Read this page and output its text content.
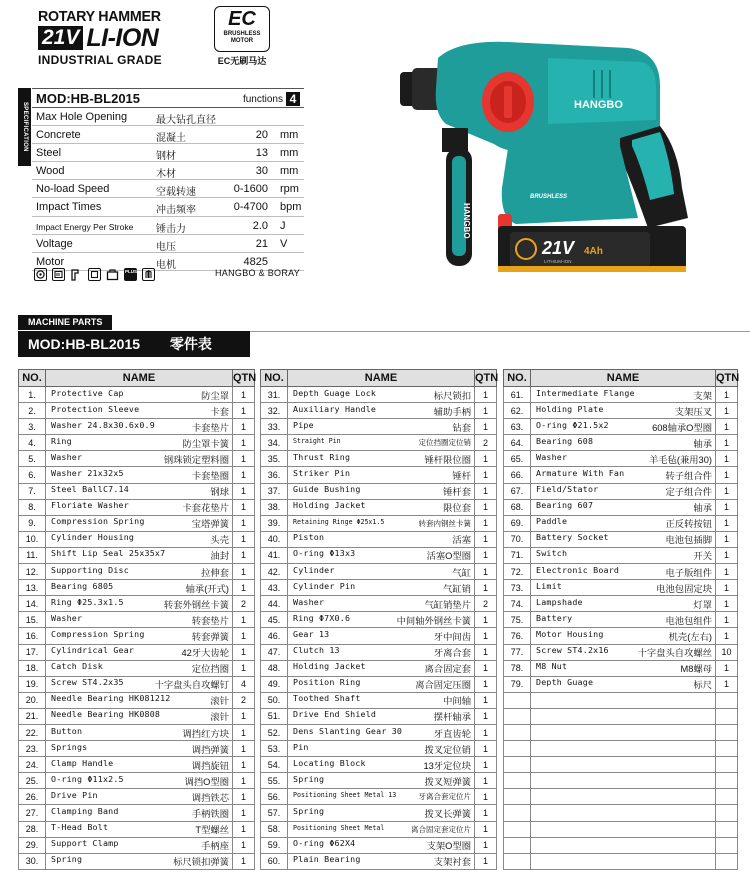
ROTARY HAMMER
21V LI-ION
INDUSTRIAL GRADE
EC
BRUSHLESS
MOTOR
EC无刷马达
SPECIFICATION
MOD:HB-BL2015	functions 4
Max Hole Opening	最大钻孔直径
Concrete	混凝土	20 mm
Steel	钢材	13 mm
Wood	木材	30 mm
No-load Speed	空载转速	0-1600 rpm
Impact Times	冲击频率	0-4700 bpm
Impact Energy Per Stroke 锤击力	2.0 J
Voltage	电压	21 V
Motor	电机	4825
PLUS	HANGBO & BORAY
HANGBO
HANGBO
BRUSHLESS
21V 4Ah
LITHIUM-ION
MACHINE PARTS
MOD:HB-BL2015 零件表
NO.	NAME	QTN
1.	Protective Cap 防尘罩	1
2.	Protection Sleeve 卡套	1
3.	Washer 24.8x30.6x0.9 卡套垫片	1
4.	Ring 防尘罩卡簧	1
5.	Washer 钢珠锁定塑料圈	1
6.	Washer 21x32x5 卡套垫圈	1
7.	Steel BallC7.14 钢球	1
8.	Floriate Washer 卡套花垫片	1
9.	Compression Spring 宝塔弹簧	1
10.	Cylinder Housing 头壳	1
11.	Shift Lip Seal 25x35x7 油封	1
12.	Supporting Disc 拉伸套	1
13.	Bearing 6805 轴承(开式)	1
14.	Ring Φ25.3x1.5 转套外钢丝卡簧	2
15.	Washer 转套垫片	1
16.	Compression Spring 转套弹簧	1
17.	Cylindrical Gear 42牙大齿轮	1
18.	Catch Disk 定位挡圈	1
19.	Screw ST4.2x35 十字盘头自攻螺钉	4
20.	Needle Bearing HK081212 滚针	2
21.	Needle Bearing HK0808 滚针	1
22.	Button 调挡红方块	1
23.	Springs 调挡弹簧	1
24.	Clamp Handle 调挡旋钮	1
25.	O-ring Φ11x2.5 调挡O型圈	1
26.	Drive Pin 调挡铁芯	1
27.	Clamping Band 手柄铁圈	1
28.	T-Head Bolt T型螺丝	1
29.	Support Clamp 手柄座	1
30.	Spring 标尺锁扣弹簧	1
NO.	NAME	QTN
31.	Depth Guage Lock 标尺锁扣	1
32.	Auxiliary Handle 辅助手柄	1
33.	Pipe 钻套	1
34.	Straight Pin 定位挡圈定位销	2
35.	Thrust Ring 锤杆限位圈	1
36.	Striker Pin 锤杆	1
37.	Guide Bushing 锤杆套	1
38.	Holding Jacket 限位套	1
39.	Retaining Ringe Φ25x1.5 转套内钢丝卡簧	1
40.	Piston 活塞	1
41.	O-ring Φ13x3 活塞O型圈	1
42.	Cylinder 气缸	1
43.	Cylinder Pin 气缸销	1
44.	Washer 气缸销垫片	2
45.	Ring Φ7X0.6 中间轴外钢丝卡簧	1
46.	Gear 13 牙中间齿	1
47.	Clutch 13 牙离合套	1
48.	Holding Jacket 离合固定套	1
49.	Position Ring 离合固定压圈	1
50.	Toothed Shaft 中间轴	1
51.	Drive End Shield 摆杆轴承	1
52.	Dens Slanting Gear 30 牙直齿轮	1
53.	Pin 拨叉定位销	1
54.	Locating Block 13牙定位块	1
55.	Spring 拨叉短弹簧	1
56.	Positioning Sheet Metal 13 牙离合套定位片	1
57.	Spring 拨叉长弹簧	1
58.	Positioning Sheet Metal 离合固定套定位片	1
59.	O-ring Φ62X4 支架O型圈	1
60.	Plain Bearing 支架衬套	1
NO.	NAME	QTN
61.	Intermediate Flange 支架	1
62.	Holding Plate 支架压叉	1
63.	O-ring Φ21.5x2 608轴承O型圈	1
64.	Bearing 608 轴承	1
65.	Washer 羊毛毡(兼用30)	1
66.	Armature With Fan 转子组合件	1
67.	Field/Stator 定子组合件	1
68.	Bearing 607 轴承	1
69.	Paddle 正反转按钮	1
70.	Battery Socket 电池包插脚	1
71.	Switch 开关	1
72.	Electronic Board 电子版组件	1
73.	Limit 电池包固定块	1
74.	Lampshade 灯罩	1
75.	Battery 电池包组件	1
76.	Motor Housing 机壳(左右)	1
77.	Screw ST4.2x16 十字盘头自攻螺丝	10
78.	M8 Nut M8螺母	1
79.	Depth Guage 标尺	1
